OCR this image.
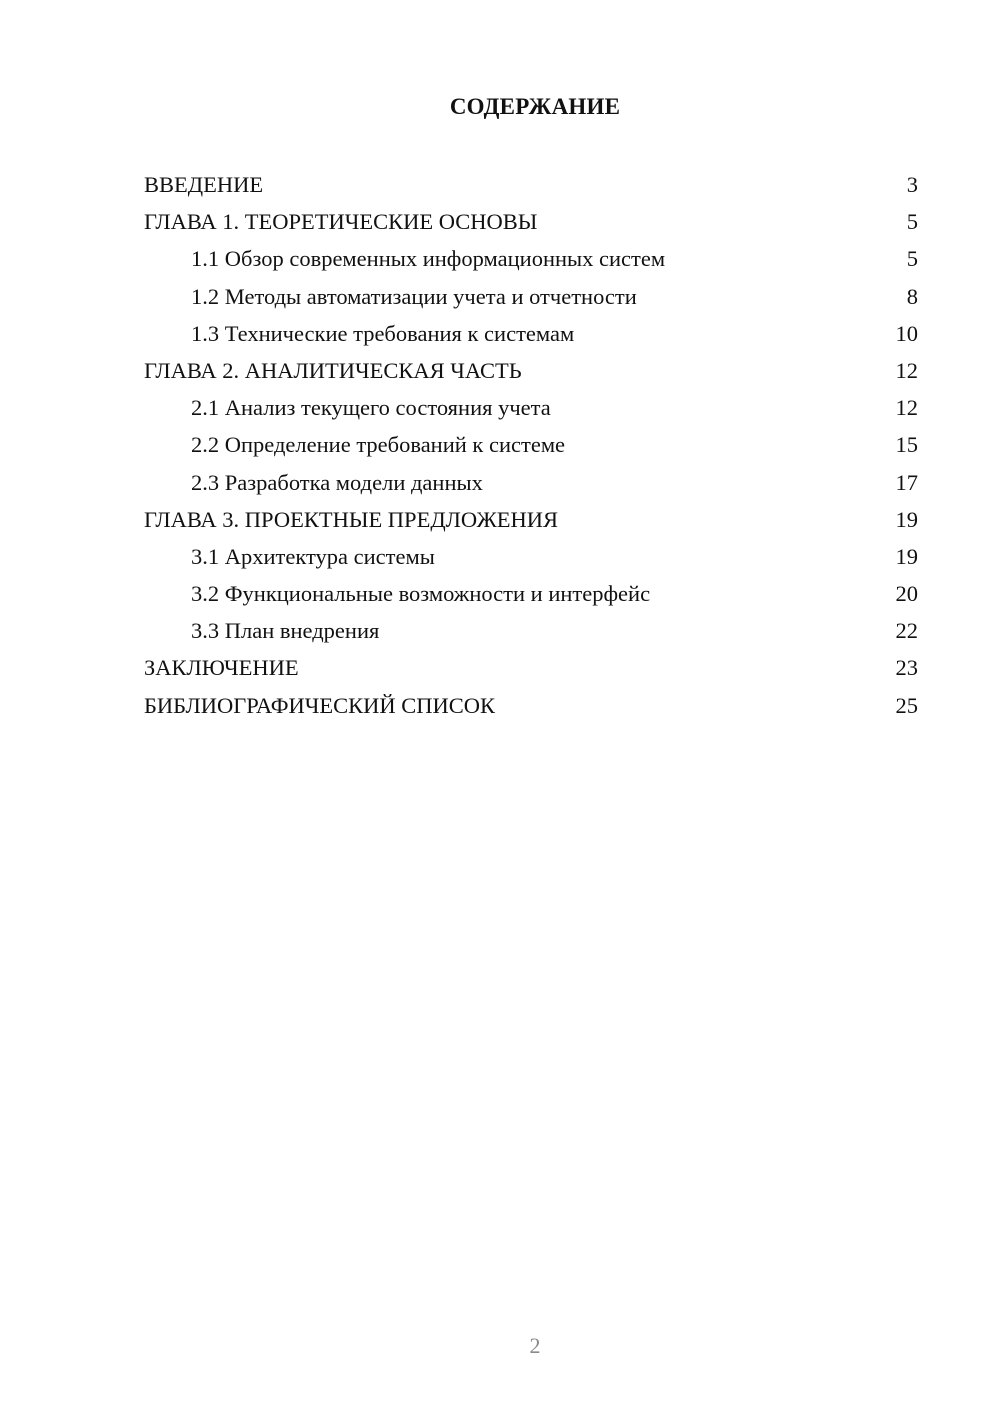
СОДЕРЖАНИЕ
ВВЕДЕНИЕ	3
ГЛАВА 1. ТЕОРЕТИЧЕСКИЕ ОСНОВЫ	5
1.1 Обзор современных информационных систем	5
1.2 Методы автоматизации учета и отчетности	8
1.3 Технические требования к системам	10
ГЛАВА 2. АНАЛИТИЧЕСКАЯ ЧАСТЬ	12
2.1 Анализ текущего состояния учета	12
2.2 Определение требований к системе	15
2.3 Разработка модели данных	17
ГЛАВА 3. ПРОЕКТНЫЕ ПРЕДЛОЖЕНИЯ	19
3.1 Архитектура системы	19
3.2 Функциональные возможности и интерфейс	20
3.3 План внедрения	22
ЗАКЛЮЧЕНИЕ	23
БИБЛИОГРАФИЧЕСКИЙ СПИСОК	25
2
